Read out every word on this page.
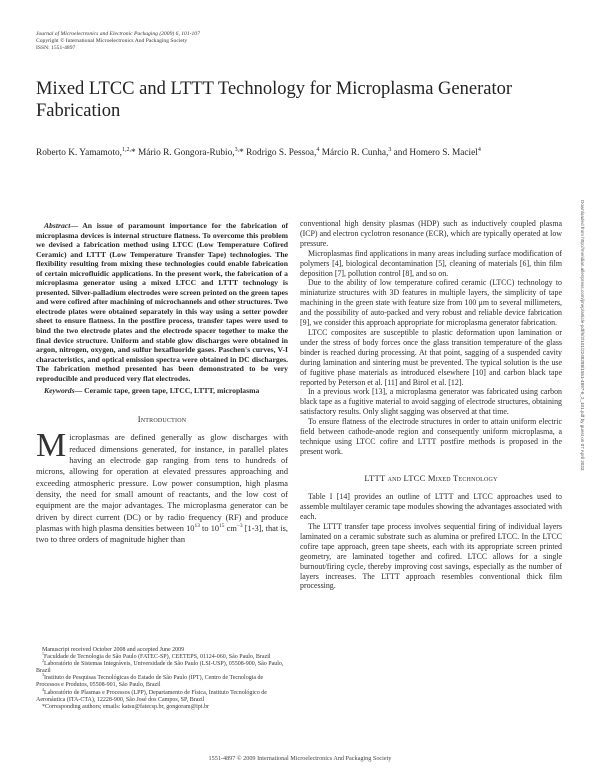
Journal of Microelectronics and Electronic Packaging (2009) 6, 101-107
Copyright © International Microelectronics And Packaging Society
ISSN: 1551-4897
Mixed LTCC and LTTT Technology for Microplasma Generator Fabrication
Roberto K. Yamamoto,$^{1,2,}$* Mário R. Gongora-Rubio,$^{3,}$* Rodrigo S. Pessoa,$^4$ Márcio R. Cunha,$^3$ and Homero S. Maciel$^4$
Downloaded from http://meridian.allenpress.com/jmep/article-pdf/6/2/101/2248288/1551-4897-6_2_101.pdf by guest on 07 April 2023

Abstract— An issue of paramount importance for the fabrication of microplasma devices is internal structure flatness. To overcome this problem we devised a fabrication method using LTCC (Low Temperature Cofired Ceramic) and LTTT (Low Temperature Transfer Tape) technologies. The flexibility resulting from mixing these technologies could enable fabrication of certain microfluidic applications. In the present work, the fabrication of a microplasma generator using a mixed LTCC and LTTT technology is presented. Silver-palladium electrodes were screen printed on the green tapes and were cofired after machining of microchannels and other structures. Two electrode plates were obtained separately in this way using a setter powder sheet to ensure flatness. In the postfire process, transfer tapes were used to bind the two electrode plates and the electrode spacer together to make the final device structure. Uniform and stable glow discharges were obtained in argon, nitrogen, oxygen, and sulfur hexafluoride gases. Paschen's curves, V-I characteristics, and optical emission spectra were obtained in DC discharges. The fabrication method presented has been demonstrated to be very reproducible and produced very flat electrodes.

Keywords— Ceramic tape, green tape, LTCC, LTTT, microplasma

Introduction

Microplasmas are defined generally as glow discharges with reduced dimensions generated, for instance, in parallel plates having an electrode gap ranging from tens to hundreds of microns, allowing for operation at elevated pressures approaching and exceeding atmospheric pressure. Low power consumption, high plasma density, the need for small amount of reactants, and the low cost of equipment are the major advantages. The microplasma generator can be driven by direct current (DC) or by radio frequency (RF) and produce plasmas with high plasma densities between $10^{13}$ to $10^{15}$ $cm^{-3}$ [1-3], that is, two to three orders of magnitude higher than

Manuscript received October 2008 and accepted June 2009
$^1$Faculdade de Tecnologia de São Paulo (FATEC-SP), CEETEPS, 01124-060, São Paulo, Brazil
$^2$Laboratório de Sistemas Integráveis, Universidade de São Paulo (LSI-USP), 05508-900, São Paulo, Brazil
$^3$Instituto de Pesquisas Tecnológicas do Estado de São Paulo (IPT), Centro de Tecnologia de Processos e Produtos, 05508-901, São Paulo, Brazil
$^4$Laboratório de Plasmas e Processos (LPP), Departamento de Física, Instituto Tecnológico de Aeronáutica (ITA-CTA), 12228-900, São José dos Campos, SP, Brazil
*Corresponding authors; emails: katsu@fatecsp.br, gongoram@ipt.br

conventional high density plasmas (HDP) such as inductively coupled plasma (ICP) and electron cyclotron resonance (ECR), which are typically operated at low pressure.

Microplasmas find applications in many areas including surface modification of polymers [4], biological decontamination [5], cleaning of materials [6], thin film deposition [7], pollution control [8], and so on.

Due to the ability of low temperature cofired ceramic (LTCC) technology to miniaturize structures with 3D features in multiple layers, the simplicity of tape machining in the green state with feature size from 100 μm to several millimeters, and the possibility of auto-packed and very robust and reliable device fabrication [9], we consider this approach appropriate for microplasma generator fabrication.

LTCC composites are susceptible to plastic deformation upon lamination or under the stress of body forces once the glass transition temperature of the glass binder is reached during processing. At that point, sagging of a suspended cavity during lamination and sintering must be prevented. The typical solution is the use of fugitive phase materials as introduced elsewhere [10] and carbon black tape reported by Peterson et al. [11] and Birol et al. [12].

In a previous work [13], a microplasma generator was fabricated using carbon black tape as a fugitive material to avoid sagging of electrode structures, obtaining satisfactory results. Only slight sagging was observed at that time.

To ensure flatness of the electrode structures in order to attain uniform electric field between cathode-anode region and consequently uniform microplasma, a technique using LTCC cofire and LTTT postfire methods is proposed in the present work.

LTTT and LTCC Mixed Technology

Table I [14] provides an outline of LTTT and LTCC approaches used to assemble multilayer ceramic tape modules showing the advantages associated with each.

The LTTT transfer tape process involves sequential firing of individual layers laminated on a ceramic substrate such as alumina or prefired LTCC. In the LTCC cofire tape approach, green tape sheets, each with its appropriate screen printed geometry, are laminated together and cofired. LTCC allows for a single burnout/firing cycle, thereby improving cost savings, especially as the number of layers increases. The LTTT approach resembles conventional thick film processing.

1551-4897 © 2009 International Microelectronics And Packaging Society
